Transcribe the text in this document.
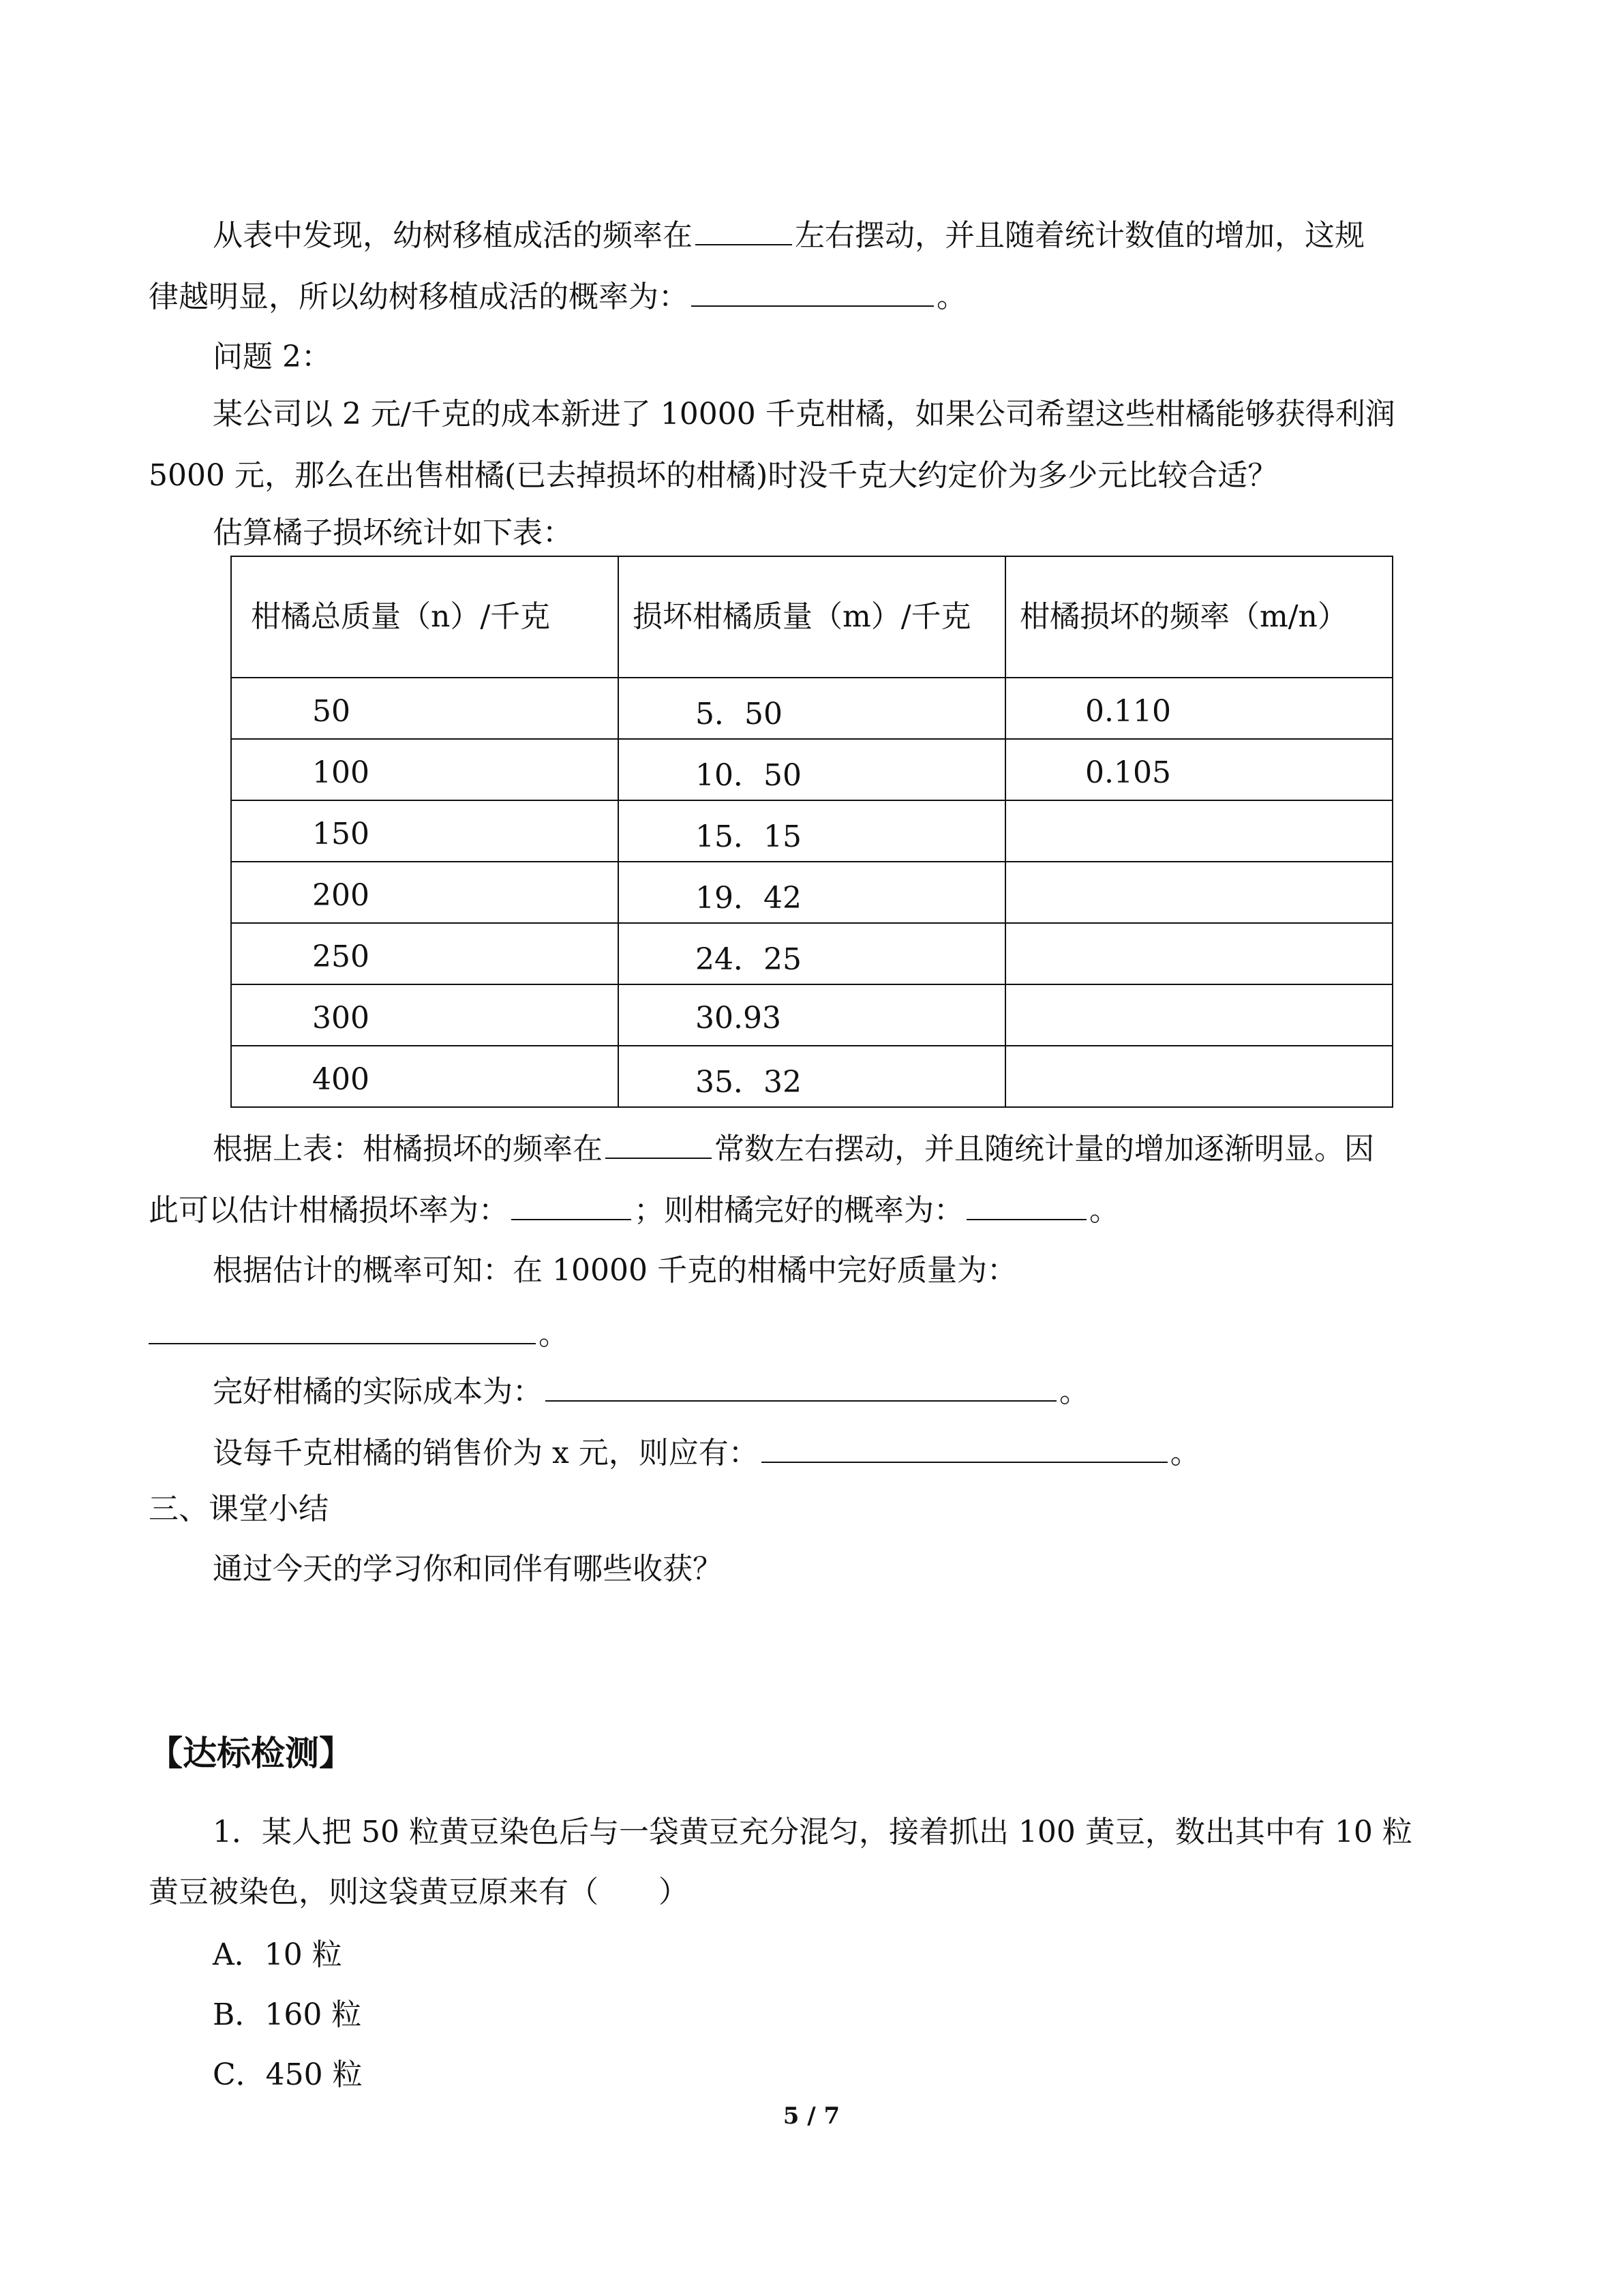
从表中发现，幼树移植成活的频率在	左右摆动，并且随着统计数值的增加，这规
律越明显，所以幼树移植成活的概率为：	。
问题 2：
某公司以 2 元/千克的成本新进了 10000 千克柑橘，如果公司希望这些柑橘能够获得利润
5000 元，那么在出售柑橘(已去掉损坏的柑橘)时没千克大约定价为多少元比较合适？
估算橘子损坏统计如下表：
柑橘总质量（n）/千克	损坏柑橘质量（m）/千克	柑橘损坏的频率（m/n）

50	5．50	0.110

100	10．50	0.105

150	15．15	

200	19．42	

250	24．25	

300	30.93	

400	35．32	

根据上表：柑橘损坏的频率在	常数左右摆动，并且随统计量的增加逐渐明显。因
此可以估计柑橘损坏率为：	；则柑橘完好的概率为：	。
根据估计的概率可知：在 10000 千克的柑橘中完好质量为：
。
完好柑橘的实际成本为：	。
设每千克柑橘的销售价为 x 元，则应有：	。
三、课堂小结
通过今天的学习你和同伴有哪些收获？
【达标检测】
1．某人把 50 粒黄豆染色后与一袋黄豆充分混匀，接着抓出 100 黄豆，数出其中有 10 粒
黄豆被染色，则这袋黄豆原来有（　　）
A．10 粒
B．160 粒
C．450 粒
5 / 7
